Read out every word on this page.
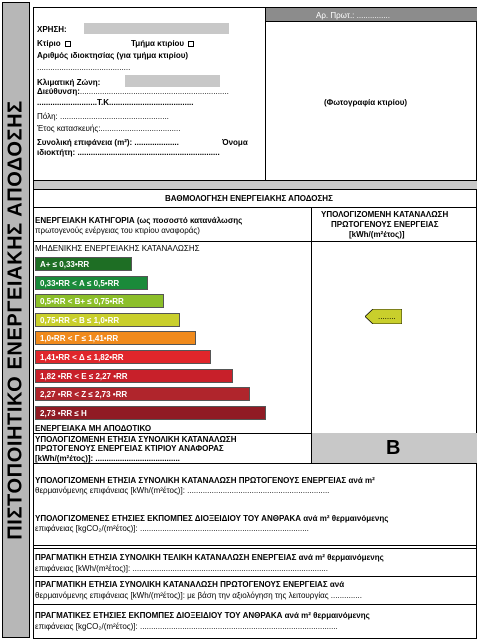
ΠΙΣΤΟΠΟΙΗΤΙΚΟ ΕΝΕΡΓΕΙΑΚΗΣ ΑΠΟΔΟΣΗΣ
Αρ. Πρωτ.: ...............
ΧΡΗΣΗ:
Κτίριο	Τμήμα κτιρίου
Αριθμός ιδιοκτησίας (για τμήμα κτιρίου)
..........................................
Κλιματική Ζώνη:
Διεύθυνση:...................................................................
...........................Τ.Κ......................................
Πόλη: .................................................
Έτος κατασκευής:....................................
Συνολική επιφάνεια (m²): ....................	Όνομα
ιδιοκτήτη: ................................................................
(Φωτογραφία κτιρίου)
ΒΑΘΜΟΛΟΓΗΣΗ ΕΝΕΡΓΕΙΑΚΗΣ ΑΠΟΔΟΣΗΣ
ΕΝΕΡΓΕΙΑΚΗ ΚΑΤΗΓΟΡΙΑ (ως ποσοστό κατανάλωσης
πρωτογενούς ενέργειας του κτιρίου αναφοράς)
ΥΠΟΛΟΓΙΖΟΜΕΝΗ ΚΑΤΑΝΑΛΩΣΗ
ΠΡΩΤΟΓΕΝΟΥΣ ΕΝΕΡΓΕΙΑΣ
[kWh/(m²έτος)]
ΜΗΔΕΝΙΚΗΣ ΕΝΕΡΓΕΙΑΚΗΣ ΚΑΤΑΝΑΛΩΣΗΣ
A+ ≤ 0,33•RR
0,33•RR < Α ≤ 0,5•RR
0,5•RR < Β+ ≤ 0,75•RR
0,75•RR < Β ≤ 1,0•RR
1,0•RR < Γ ≤ 1,41•RR
1,41•RR < Δ ≤ 1,82•RR
1,82 •RR < Ε ≤ 2,27 •RR
2,27 •RR < Ζ ≤ 2,73 •RR
2,73 •RR ≤ Η
........
ΕΝΕΡΓΕΙΑΚΑ ΜΗ ΑΠΟΔΟΤΙΚΟ
ΥΠΟΛΟΓΙΖΟΜΕΝΗ ΕΤΗΣΙΑ ΣΥΝΟΛΙΚΗ ΚΑΤΑΝΑΛΩΣΗ
ΠΡΩΤΟΓΕΝΟΥΣ ΕΝΕΡΓΕΙΑΣ ΚΤΙΡΙΟΥ ΑΝΑΦΟΡΑΣ
[kWh/(m²έτος)]: ......................................	B
ΥΠΟΛΟΓΙΖΟΜΕΝΗ ΕΤΗΣΙΑ ΣΥΝΟΛΙΚΗ ΚΑΤΑΝΑΛΩΣΗ ΠΡΩΤΟΓΕΝΟΥΣ ΕΝΕΡΓΕΙΑΣ ανά m²
θερμαινόμενης επιφάνειας [kWh/(m²έτος)]: ................................................................
ΥΠΟΛΟΓΙΖΟΜΕΝΕΣ ΕΤΗΣΙΕΣ ΕΚΠΟΜΠΕΣ ΔΙΟΞΕΙΔΙΟΥ ΤΟΥ ΑΝΘΡΑΚΑ ανά m² θερμαινόμενης
επιφάνειας [kgCO₂/(m²έτος)]: ............................................................................
ΠΡΑΓΜΑΤΙΚΗ ΕΤΗΣΙΑ ΣΥΝΟΛΙΚΗ ΤΕΛΙΚΗ ΚΑΤΑΝΑΛΩΣΗ ΕΝΕΡΓΕΙΑΣ ανά m² θερμαινόμενης
επιφάνειας [kWh/(m²έτος)]: ........................................................................................
ΠΡΑΓΜΑΤΙΚΗ ΕΤΗΣΙΑ ΣΥΝΟΛΙΚΗ ΚΑΤΑΝΑΛΩΣΗ ΠΡΩΤΟΓΕΝΟΥΣ ΕΝΕΡΓΕΙΑΣ ανά
θερμαινόμενης επιφάνειας [kWh/(m²έτος)]: με βάση την αξιολόγηση της λειτουργίας ..............
ΠΡΑΓΜΑΤΙΚΕΣ ΕΤΗΣΙΕΣ ΕΚΠΟΜΠΕΣ ΔΙΟΞΕΙΔΙΟΥ ΤΟΥ ΑΝΘΡΑΚΑ ανά m² θερμαινόμενης
επιφάνειας [kgCO₂/(m²έτος)]: .........................................................................................
